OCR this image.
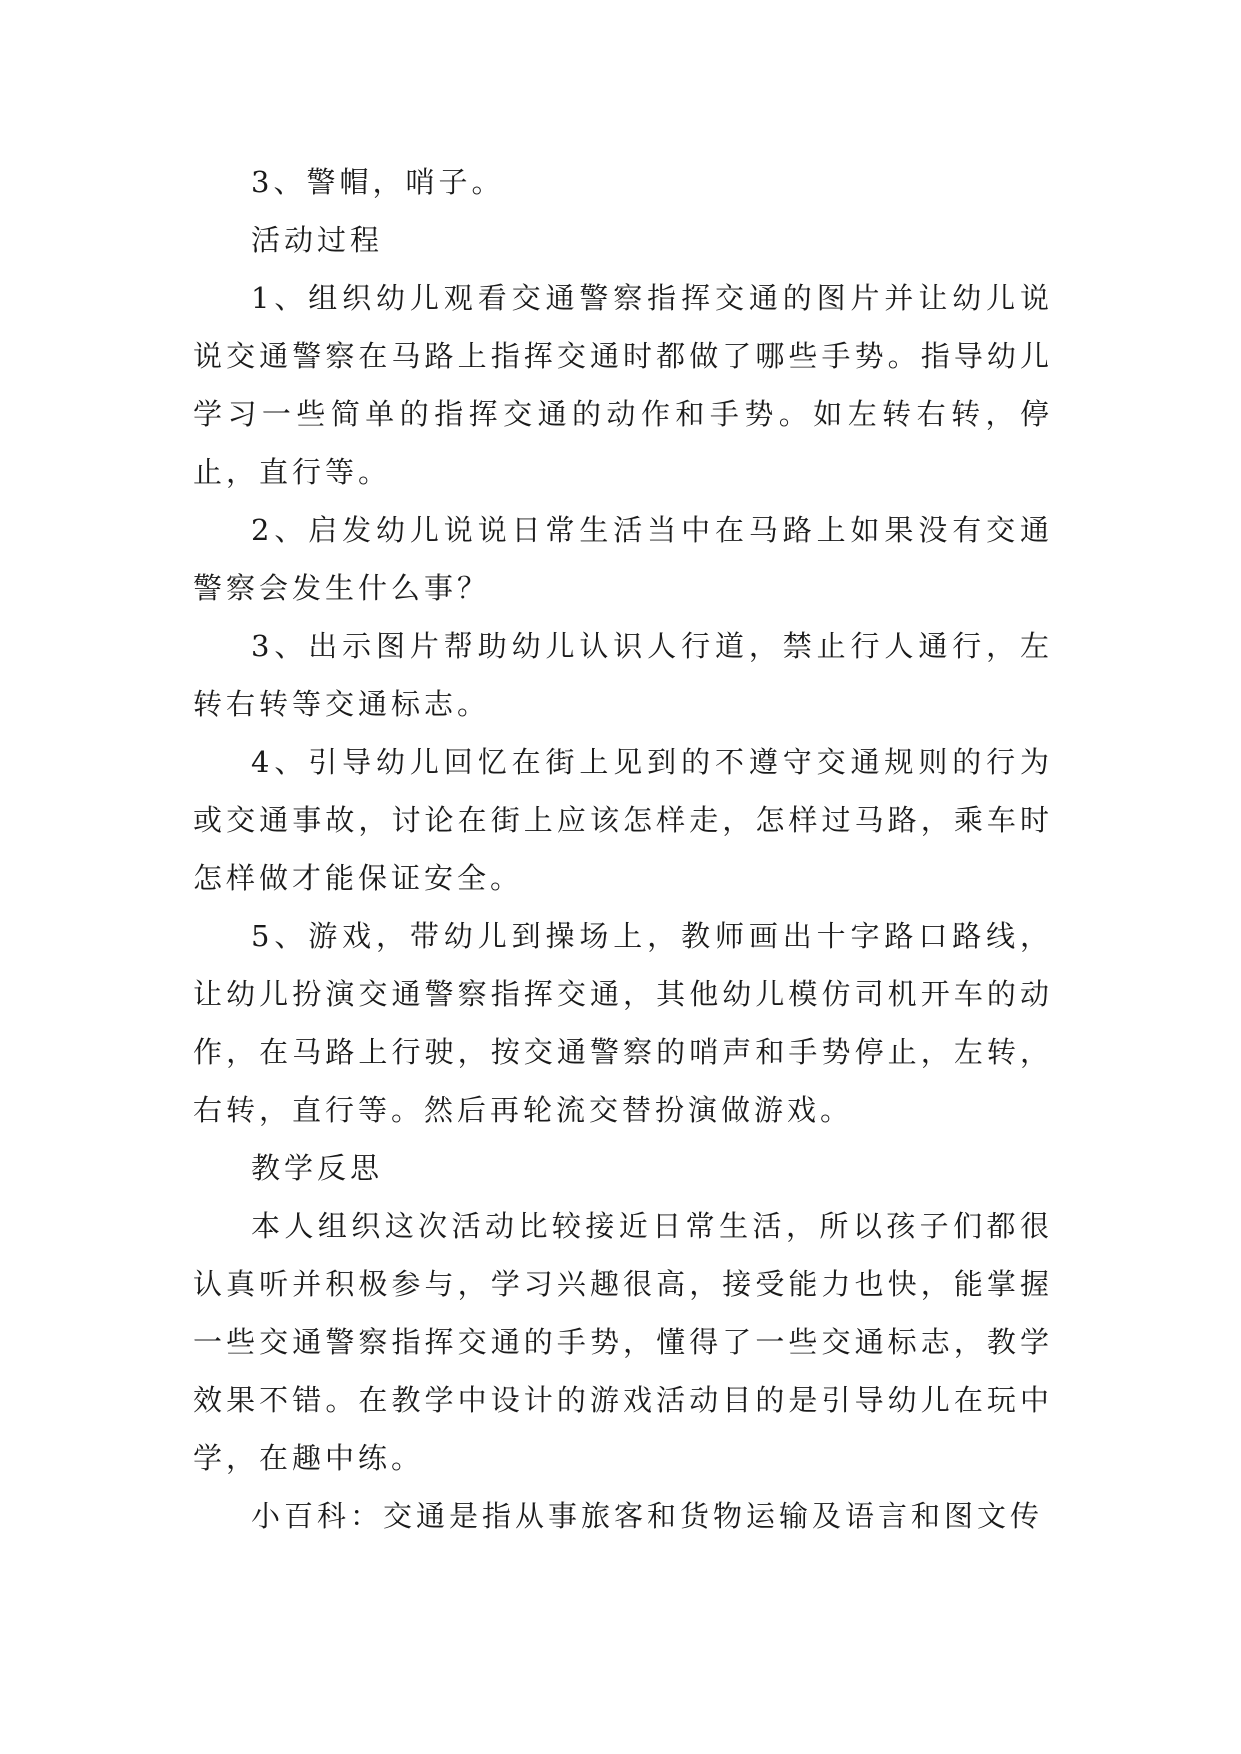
3、警帽，哨子。

活动过程

1、组织幼儿观看交通警察指挥交通的图片并让幼儿说说交通警察在马路上指挥交通时都做了哪些手势。指导幼儿学习一些简单的指挥交通的动作和手势。如左转右转，停止，直行等。

2、启发幼儿说说日常生活当中在马路上如果没有交通警察会发生什么事？

3、出示图片帮助幼儿认识人行道，禁止行人通行，左转右转等交通标志。

4、引导幼儿回忆在街上见到的不遵守交通规则的行为或交通事故，讨论在街上应该怎样走，怎样过马路，乘车时怎样做才能保证安全。

5、游戏，带幼儿到操场上，教师画出十字路口路线，让幼儿扮演交通警察指挥交通，其他幼儿模仿司机开车的动作，在马路上行驶，按交通警察的哨声和手势停止，左转，右转，直行等。然后再轮流交替扮演做游戏。

教学反思

本人组织这次活动比较接近日常生活，所以孩子们都很认真听并积极参与，学习兴趣很高，接受能力也快，能掌握一些交通警察指挥交通的手势，懂得了一些交通标志，教学效果不错。在教学中设计的游戏活动目的是引导幼儿在玩中学，在趣中练。

小百科：交通是指从事旅客和货物运输及语言和图文传
